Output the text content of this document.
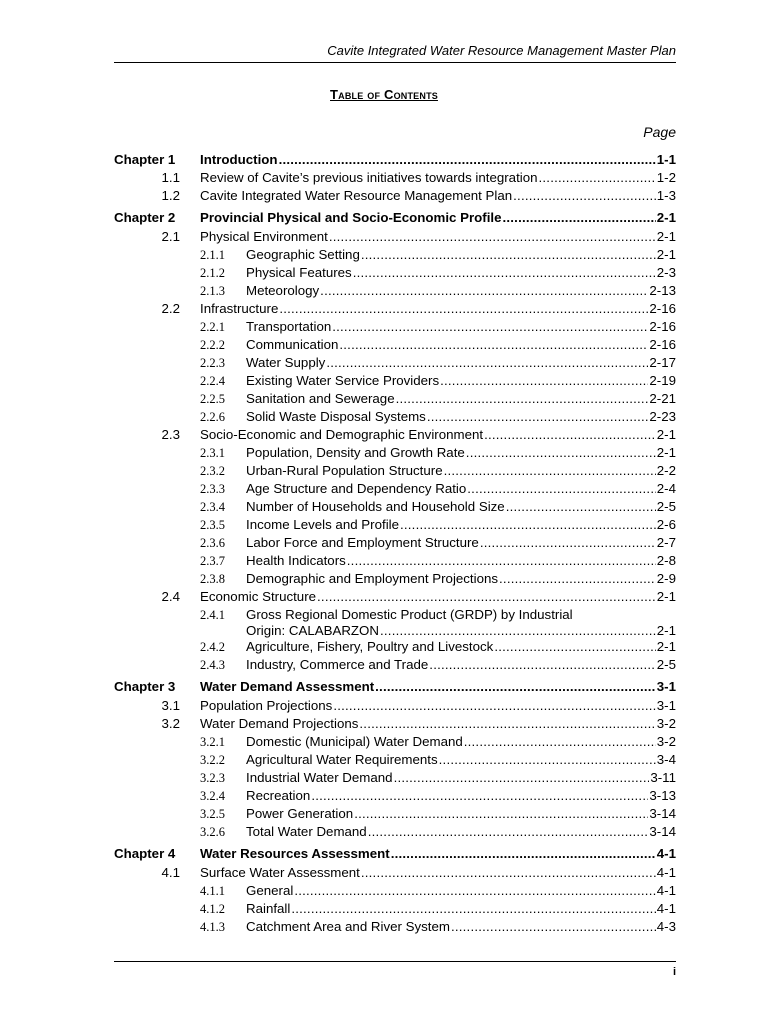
Cavite Integrated Water Resource Management Master Plan
Table of Contents
Page
Chapter 1 Introduction .....	1-1
1.1 Review of Cavite’s previous initiatives towards integration .....	1-2
1.2 Cavite Integrated Water Resource Management Plan .....	1-3
Chapter 2 Provincial Physical and Socio-Economic Profile .....	2-1
2.1 Physical Environment .....	2-1
2.1.1 Geographic Setting .....	2-1
2.1.2 Physical Features .....	2-3
2.1.3 Meteorology .....	2-13
2.2 Infrastructure .....	2-16
2.2.1 Transportation .....	2-16
2.2.2 Communication .....	2-16
2.2.3 Water Supply .....	2-17
2.2.4 Existing Water Service Providers .....	2-19
2.2.5 Sanitation and Sewerage .....	2-21
2.2.6 Solid Waste Disposal Systems .....	2-23
2.3 Socio-Economic and Demographic Environment .....	2-1
2.3.1 Population, Density and Growth Rate .....	2-1
2.3.2 Urban-Rural Population Structure .....	2-2
2.3.3 Age Structure and Dependency Ratio .....	2-4
2.3.4 Number of Households and Household Size .....	2-5
2.3.5 Income Levels and Profile .....	2-6
2.3.6 Labor Force and Employment Structure .....	2-7
2.3.7 Health Indicators .....	2-8
2.3.8 Demographic and Employment Projections .....	2-9
2.4 Economic Structure .....	2-1
2.4.1 Gross Regional Domestic Product (GRDP) by Industrial
Origin: CALABARZON .....	2-1
2.4.2 Agriculture, Fishery, Poultry and Livestock .....	2-1
2.4.3 Industry, Commerce and Trade .....	2-5
Chapter 3 Water Demand Assessment .....	3-1
3.1 Population Projections .....	3-1
3.2 Water Demand Projections .....	3-2
3.2.1 Domestic (Municipal) Water Demand .....	3-2
3.2.2 Agricultural Water Requirements .....	3-4
3.2.3 Industrial Water Demand .....	3-11
3.2.4 Recreation .....	3-13
3.2.5 Power Generation .....	3-14
3.2.6 Total Water Demand .....	3-14
Chapter 4 Water Resources Assessment .....	4-1
4.1 Surface Water Assessment .....	4-1
4.1.1 General .....	4-1
4.1.2 Rainfall .....	4-1
4.1.3 Catchment Area and River System .....	4-3
i
